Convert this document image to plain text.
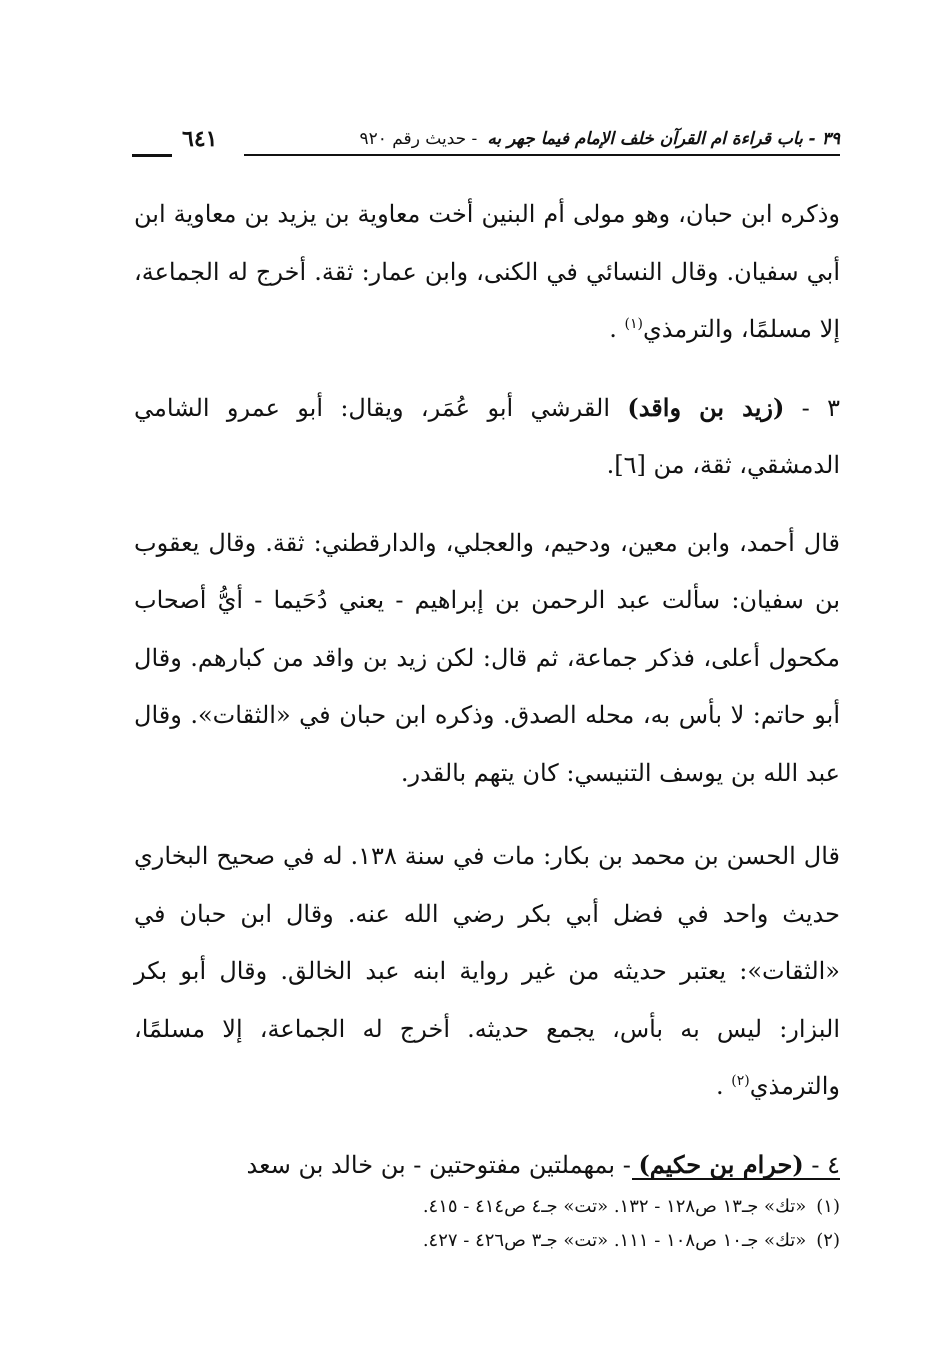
٣٩ - باب قراءة ام القرآن خلف الإمام فيما جهر به
- حديث رقم ٩٢٠
٦٤١

وذكره ابن حبان، وهو مولى أم البنين أخت معاوية بن يزيد بن معاوية ابن أبي سفيان. وقال النسائي في الكنى، وابن عمار: ثقة. أخرج له الجماعة، إلا مسلمًا، والترمذي$^{(١)}$ .

٣ - (زيد بن واقد) القرشي أبو عُمَر، ويقال: أبو عمرو الشامي الدمشقي، ثقة، من [٦].

قال أحمد، وابن معين، ودحيم، والعجلي، والدارقطني: ثقة. وقال يعقوب بن سفيان: سألت عبد الرحمن بن إبراهيم - يعني دُحَيما - أيُّ أصحاب مكحول أعلى، فذكر جماعة، ثم قال: لكن زيد بن واقد من كبارهم. وقال أبو حاتم: لا بأس به، محله الصدق. وذكره ابن حبان في «الثقات». وقال عبد الله بن يوسف التنيسي: كان يتهم بالقدر.

قال الحسن بن محمد بن بكار: مات في سنة ١٣٨. له في صحيح البخاري حديث واحد في فضل أبي بكر رضي الله عنه. وقال ابن حبان في «الثقات»: يعتبر حديثه من غير رواية ابنه عبد الخالق. وقال أبو بكر البزار: ليس به بأس، يجمع حديثه. أخرج له الجماعة، إلا مسلمًا، والترمذي$^{(٢)}$ .

٤ - (حرام بن حكيم) - بمهملتين مفتوحتين - بن خالد بن سعد

(١)«تك» جـ١٣ ص١٢٨ - ١٣٢. «تت» جـ٤ ص٤١٤ - ٤١٥.

(٢)«تك» جـ١٠ ص١٠٨ - ١١١. «تت» جـ٣ ص٤٢٦ - ٤٢٧.
